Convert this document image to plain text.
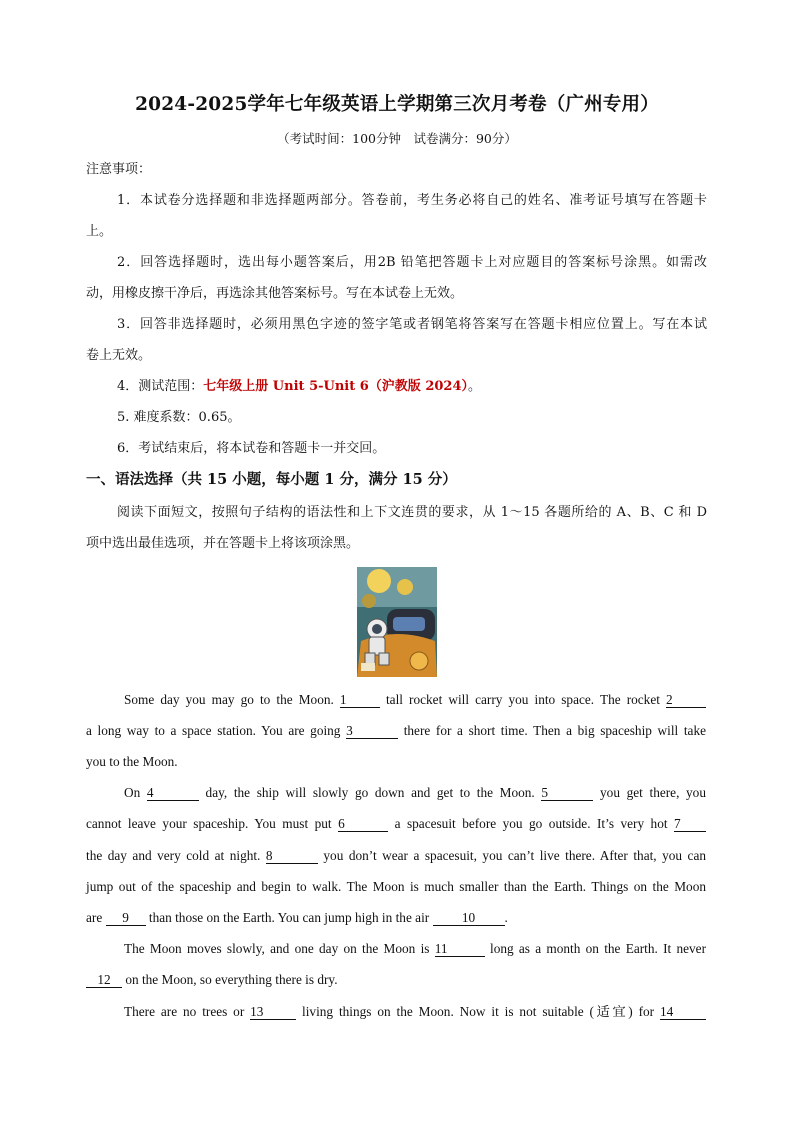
2024-2025学年七年级英语上学期第三次月考卷（广州专用）
（考试时间：100分钟　试卷满分：90分）
注意事项：
1．本试卷分选择题和非选择题两部分。答卷前，考生务必将自己的姓名、准考证号填写在答题卡
上。
2．回答选择题时，选出每小题答案后，用2B 铅笔把答题卡上对应题目的答案标号涂黑。如需改
动，用橡皮擦干净后，再选涂其他答案标号。写在本试卷上无效。
3．回答非选择题时，必须用黑色字迹的签字笔或者钢笔将答案写在答题卡相应位置上。写在本试
卷上无效。
4．测试范围：七年级上册 Unit 5-Unit 6（沪教版 2024）。
5. 难度系数：0.65。
6．考试结束后，将本试卷和答题卡一并交回。
一、语法选择（共 15 小题，每小题 1 分，满分 15 分）
阅读下面短文，按照句子结构的语法性和上下文连贯的要求，从 1～15 各题所给的 A、B、C 和 D
项中选出最佳选项，并在答题卡上将该项涂黑。
Some day you may go to the Moon. 1	tall rocket will carry you into space. The rocket 2
a long way to a space station. You are going 3	there for a short time. Then a big spaceship will take
you to the Moon.
On 4	day, the ship will slowly go down and get to the Moon. 5	you get there, you
cannot leave your spaceship. You must put 6	a spacesuit before you go outside. It’s very hot 7
the day and very cold at night. 8	you don’t wear a spacesuit, you can’t live there. After that, you can
jump out of the spaceship and begin to walk. The Moon is much smaller than the Earth. Things on the Moon
are 9 than those on the Earth. You can jump high in the air 10 .
The Moon moves slowly, and one day on the Moon is 11	long as a month on the Earth. It never
12 on the Moon, so everything there is dry.
There are no trees or 13	living things on the Moon. Now it is not suitable (适宜) for 14
